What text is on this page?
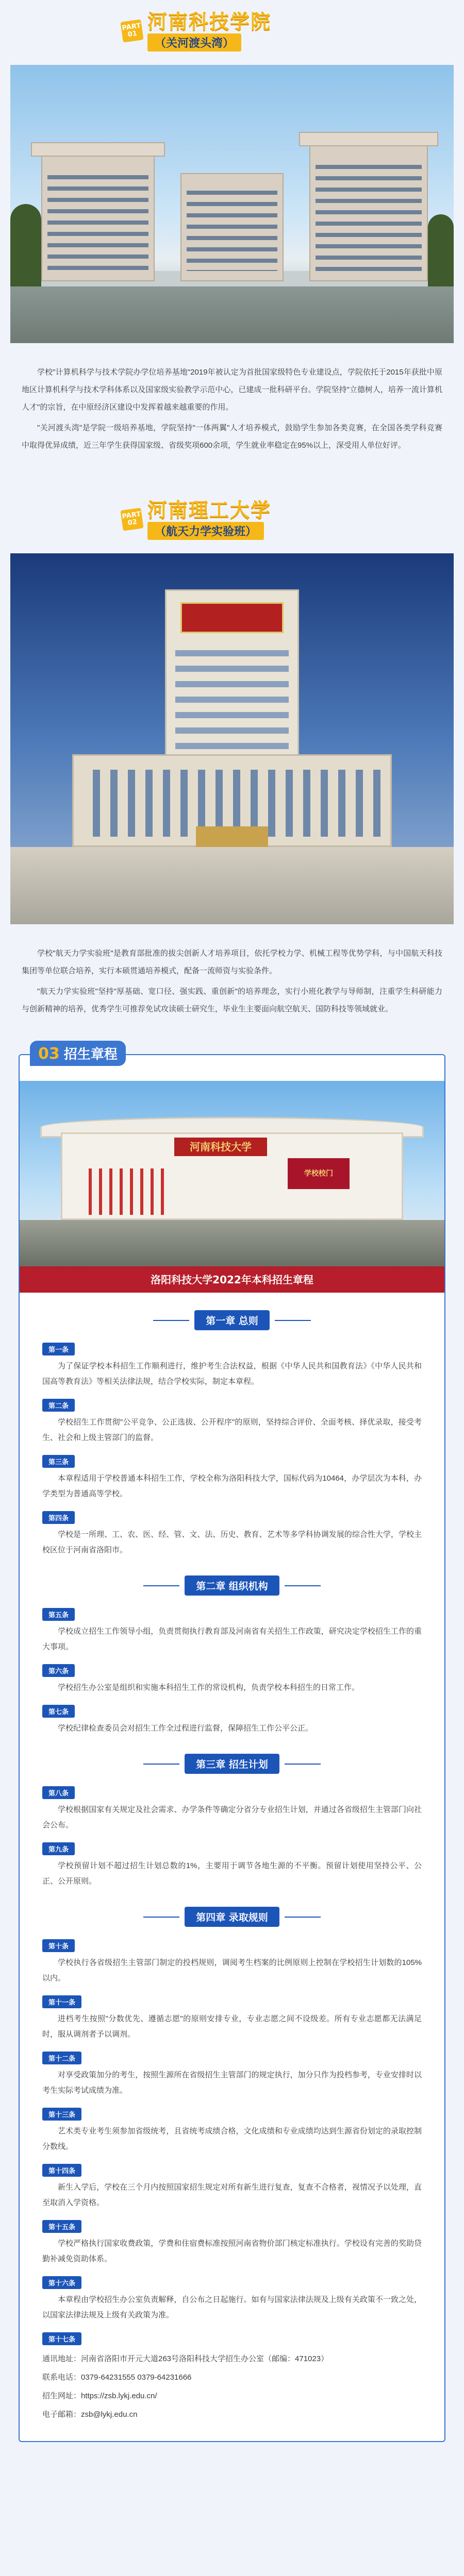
PART
01
河南科技学院
（关河渡头湾）

学校"计算机科学与技术学院办学位培养基地"2019年被认定为首批国家级特色专业建设点，学院依托于2015年获批中原地区计算机科学与技术学科体系以及国家级实验教学示范中心，已建成一批科研平台。学院坚持"立德树人，培养一流计算机人才"的宗旨，在中原经济区建设中发挥着越来越重要的作用。

"关河渡头湾"是学院一级培养基地，学院坚持"一体两翼"人才培养模式，鼓励学生参加各类竞赛，在全国各类学科竞赛中取得优异成绩，近三年学生获得国家级、省级奖项600余项，学生就业率稳定在95%以上，深受用人单位好评。

PART
02
河南理工大学
（航天力学实验班）

学校"航天力学实验班"是教育部批准的拔尖创新人才培养项目，依托学校力学、机械工程等优势学科，与中国航天科技集团等单位联合培养，实行本硕贯通培养模式，配备一流师资与实验条件。

"航天力学实验班"坚持"厚基础、宽口径、强实践、重创新"的培养理念，实行小班化教学与导师制，注重学生科研能力与创新精神的培养，优秀学生可推荐免试攻读硕士研究生，毕业生主要面向航空航天、国防科技等领域就业。

03 招生章程
河南科技大学
学校校门
洛阳科技大学2022年本科招生章程
第一章 总则
第一条
为了保证学校本科招生工作顺利进行，维护考生合法权益，根据《中华人民共和国教育法》《中华人民共和国高等教育法》等相关法律法规，结合学校实际，制定本章程。
第二条
学校招生工作贯彻"公平竞争、公正选拔、公开程序"的原则，坚持综合评价、全面考核、择优录取，接受考生、社会和上级主管部门的监督。
第三条
本章程适用于学校普通本科招生工作，学校全称为洛阳科技大学，国标代码为10464，办学层次为本科，办学类型为普通高等学校。
第四条
学校是一所理、工、农、医、经、管、文、法、历史、教育、艺术等多学科协调发展的综合性大学，学校主校区位于河南省洛阳市。
第二章 组织机构
第五条
学校成立招生工作领导小组，负责贯彻执行教育部及河南省有关招生工作政策，研究决定学校招生工作的重大事项。
第六条
学校招生办公室是组织和实施本科招生工作的常设机构，负责学校本科招生的日常工作。
第七条
学校纪律检查委员会对招生工作全过程进行监督，保障招生工作公平公正。
第三章 招生计划
第八条
学校根据国家有关规定及社会需求、办学条件等确定分省分专业招生计划，并通过各省级招生主管部门向社会公布。
第九条
学校预留计划不超过招生计划总数的1%，主要用于调节各地生源的不平衡。预留计划使用坚持公平、公正、公开原则。
第四章 录取规则
第十条
学校执行各省级招生主管部门制定的投档规则，调阅考生档案的比例原则上控制在学校招生计划数的105%以内。
第十一条
进档考生按照"分数优先、遵循志愿"的原则安排专业，专业志愿之间不设级差。所有专业志愿都无法满足时，服从调剂者予以调剂。
第十二条
对享受政策加分的考生，按照生源所在省级招生主管部门的规定执行，加分只作为投档参考，专业安排时以考生实际考试成绩为准。
第十三条
艺术类专业考生须参加省级统考，且省统考成绩合格，文化成绩和专业成绩均达到生源省份划定的录取控制分数线。
第十四条
新生入学后，学校在三个月内按照国家招生规定对所有新生进行复查，复查不合格者，视情况予以处理，直至取消入学资格。
第十五条
学校严格执行国家收费政策，学费和住宿费标准按照河南省物价部门核定标准执行。学校设有完善的奖助贷勤补减免资助体系。
第十六条
本章程由学校招生办公室负责解释，自公布之日起施行。如有与国家法律法规及上级有关政策不一致之处，以国家法律法规及上级有关政策为准。
第十七条
通讯地址：河南省洛阳市开元大道263号洛阳科技大学招生办公室（邮编：471023）
联系电话：0379-64231555 0379-64231666
招生网址：https://zsb.lykj.edu.cn/
电子邮箱：zsb@lykj.edu.cn
